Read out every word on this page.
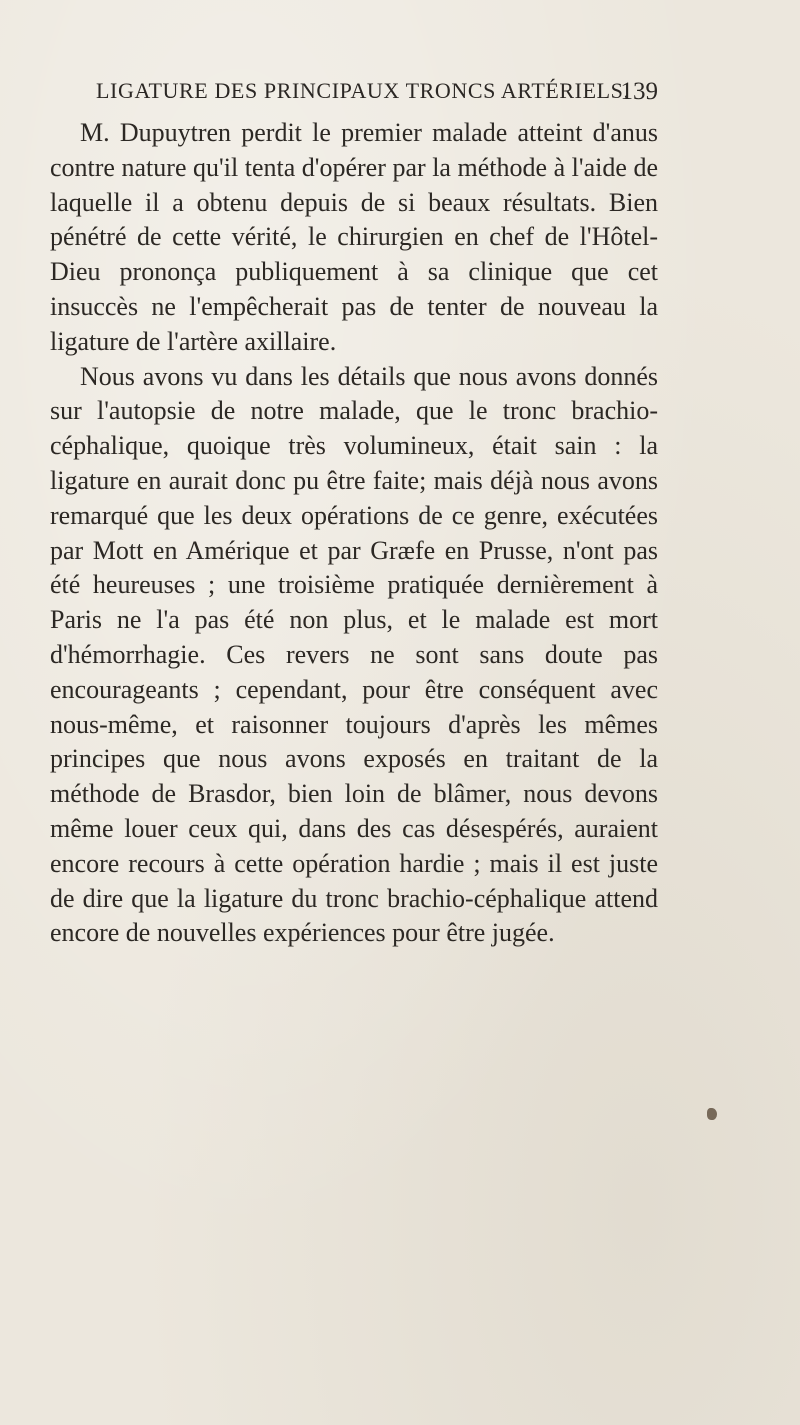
LIGATURE DES PRINCIPAUX TRONCS ARTÉRIELS.
139

M. Dupuytren perdit le premier malade atteint d'anus contre nature qu'il tenta d'opérer par la méthode à l'aide de laquelle il a obtenu depuis de si beaux résultats. Bien pénétré de cette vérité, le chirurgien en chef de l'Hôtel-Dieu prononça publiquement à sa clinique que cet insuccès ne l'empêcherait pas de tenter de nouveau la ligature de l'artère axillaire.

Nous avons vu dans les détails que nous avons donnés sur l'autopsie de notre malade, que le tronc brachio-céphalique, quoique très volumineux, était sain : la ligature en aurait donc pu être faite; mais déjà nous avons remarqué que les deux opérations de ce genre, exécutées par Mott en Amérique et par Græfe en Prusse, n'ont pas été heureuses ; une troisième pratiquée dernièrement à Paris ne l'a pas été non plus, et le malade est mort d'hémorrhagie. Ces revers ne sont sans doute pas encourageants ; cependant, pour être conséquent avec nous-même, et raisonner toujours d'après les mêmes principes que nous avons exposés en traitant de la méthode de Brasdor, bien loin de blâmer, nous devons même louer ceux qui, dans des cas désespérés, auraient encore recours à cette opération hardie ; mais il est juste de dire que la ligature du tronc brachio-céphalique attend encore de nouvelles expériences pour être jugée.
